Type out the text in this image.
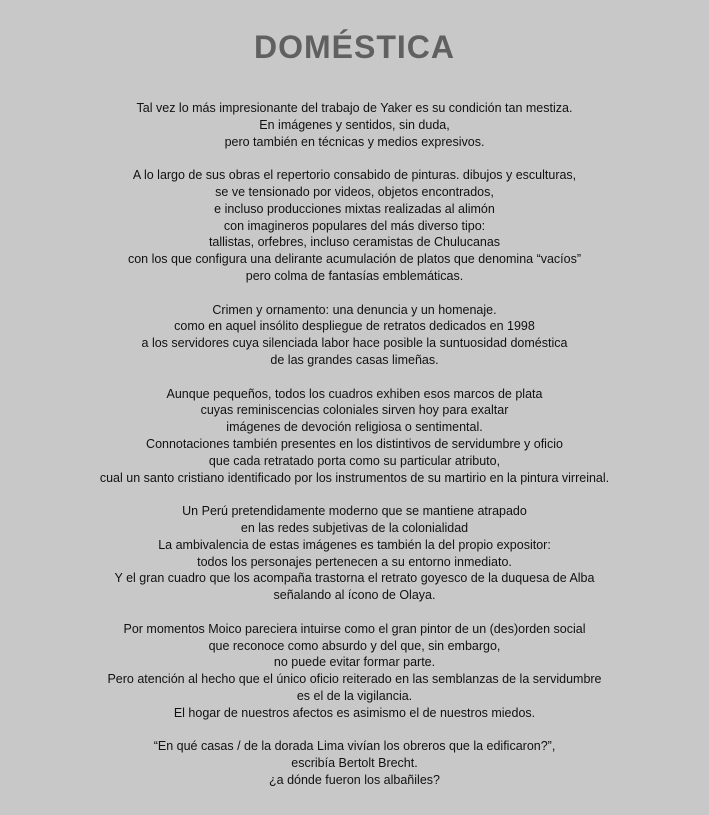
DOMÉSTICA
Tal vez lo más impresionante del trabajo de Yaker es su condición tan mestiza.
En imágenes y sentidos, sin duda,
pero también en técnicas y medios expresivos.
A lo largo de sus obras el repertorio consabido de pinturas. dibujos y esculturas,
se ve tensionado por videos, objetos encontrados,
e incluso producciones mixtas realizadas al alimón
con imagineros populares del más diverso tipo:
tallistas, orfebres, incluso ceramistas de Chulucanas
con los que configura una delirante acumulación de platos que denomina “vacíos”
pero colma de fantasías emblemáticas.
Crimen y ornamento: una denuncia y un homenaje.
como en aquel insólito despliegue de retratos dedicados en 1998
a los servidores cuya silenciada labor hace posible la suntuosidad doméstica
de las grandes casas limeñas.
Aunque pequeños, todos los cuadros exhiben esos marcos de plata
cuyas reminiscencias coloniales sirven hoy para exaltar
imágenes de devoción religiosa o sentimental.
Connotaciones también presentes en los distintivos de servidumbre y oficio
que cada retratado porta como su particular atributo,
cual un santo cristiano identificado por los instrumentos de su martirio en la pintura virreinal.
Un Perú pretendidamente moderno que se mantiene atrapado
en las redes subjetivas de la colonialidad
La ambivalencia de estas imágenes es también la del propio expositor:
todos los personajes pertenecen a su entorno inmediato.
Y el gran cuadro que los acompaña trastorna el retrato goyesco de la duquesa de Alba
señalando al ícono de Olaya.
Por momentos Moico pareciera intuirse como el gran pintor de un (des)orden social
que reconoce como absurdo y del que, sin embargo,
no puede evitar formar parte.
Pero atención al hecho que el único oficio reiterado en las semblanzas de la servidumbre
es el de la vigilancia.
El hogar de nuestros afectos es asimismo el de nuestros miedos.
“En qué casas / de la dorada Lima vivían los obreros que la edificaron?”,
escribía Bertolt Brecht.
¿a dónde fueron los albañiles?
